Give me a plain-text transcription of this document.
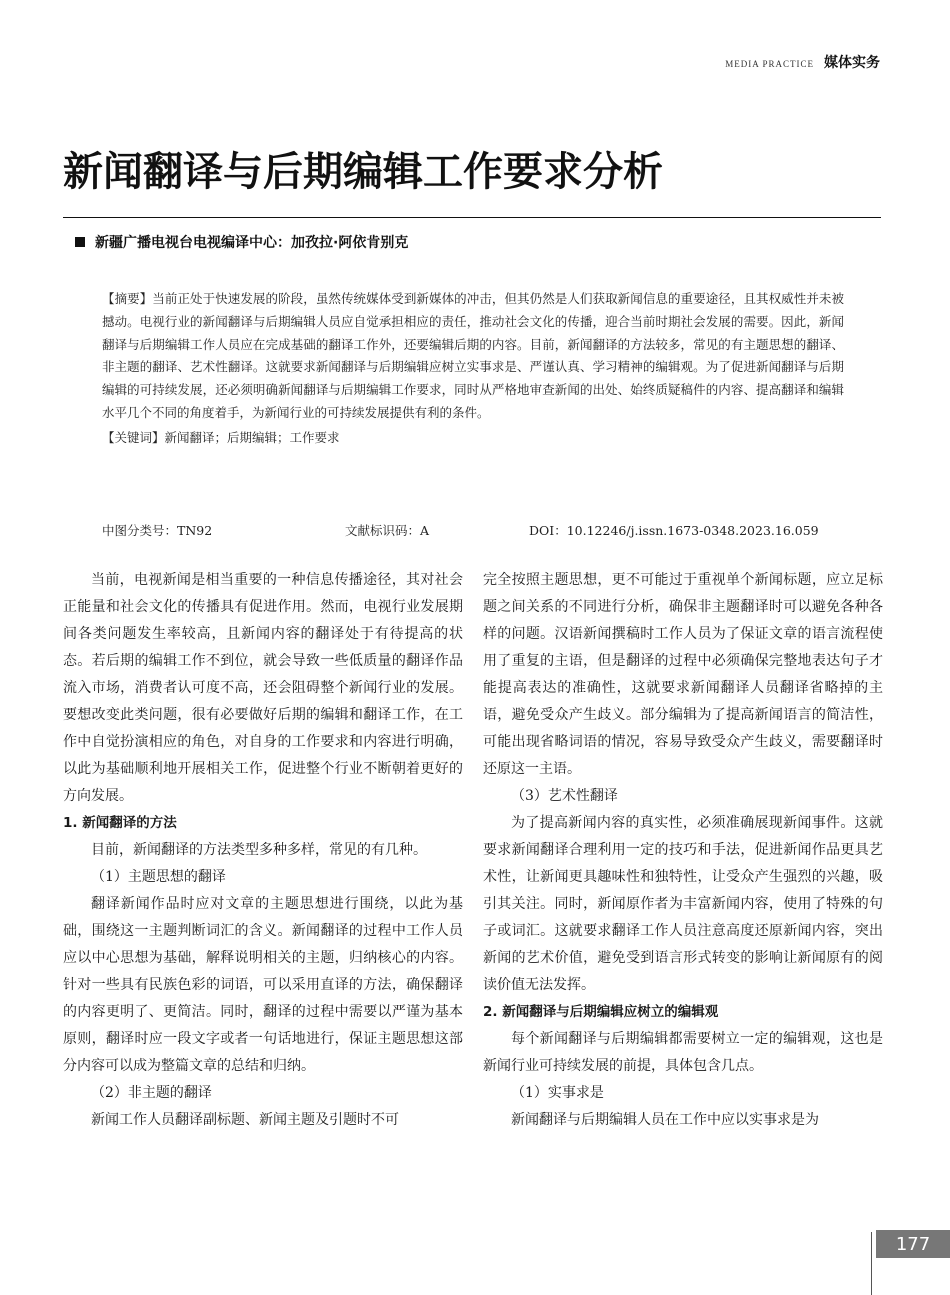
MEDIA PRACTICE 媒体实务
新闻翻译与后期编辑工作要求分析
新疆广播电视台电视编译中心：加孜拉·阿依肯别克

【摘要】当前正处于快速发展的阶段，虽然传统媒体受到新媒体的冲击，但其仍然是人们获取新闻信息的重要途径，且其权威性并未被撼动。电视行业的新闻翻译与后期编辑人员应自觉承担相应的责任，推动社会文化的传播，迎合当前时期社会发展的需要。因此，新闻翻译与后期编辑工作人员应在完成基础的翻译工作外，还要编辑后期的内容。目前，新闻翻译的方法较多，常见的有主题思想的翻译、非主题的翻译、艺术性翻译。这就要求新闻翻译与后期编辑应树立实事求是、严谨认真、学习精神的编辑观。为了促进新闻翻译与后期编辑的可持续发展，还必须明确新闻翻译与后期编辑工作要求，同时从严格地审查新闻的出处、始终质疑稿件的内容、提高翻译和编辑水平几个不同的角度着手，为新闻行业的可持续发展提供有利的条件。

【关键词】新闻翻译；后期编辑；工作要求

中图分类号：TN92	文献标识码：A	DOI：10.12246/j.issn.1673-0348.2023.16.059

当前，电视新闻是相当重要的一种信息传播途径，其对社会正能量和社会文化的传播具有促进作用。然而，电视行业发展期间各类问题发生率较高，且新闻内容的翻译处于有待提高的状态。若后期的编辑工作不到位，就会导致一些低质量的翻译作品流入市场，消费者认可度不高，还会阻碍整个新闻行业的发展。要想改变此类问题，很有必要做好后期的编辑和翻译工作，在工作中自觉扮演相应的角色，对自身的工作要求和内容进行明确，以此为基础顺利地开展相关工作，促进整个行业不断朝着更好的方向发展。

1. 新闻翻译的方法

目前，新闻翻译的方法类型多种多样，常见的有几种。

（1）主题思想的翻译

翻译新闻作品时应对文章的主题思想进行围绕，以此为基础，围绕这一主题判断词汇的含义。新闻翻译的过程中工作人员应以中心思想为基础，解释说明相关的主题，归纳核心的内容。针对一些具有民族色彩的词语，可以采用直译的方法，确保翻译的内容更明了、更简洁。同时，翻译的过程中需要以严谨为基本原则，翻译时应一段文字或者一句话地进行，保证主题思想这部分内容可以成为整篇文章的总结和归纳。

（2）非主题的翻译

新闻工作人员翻译副标题、新闻主题及引题时不可

完全按照主题思想，更不可能过于重视单个新闻标题，应立足标题之间关系的不同进行分析，确保非主题翻译时可以避免各种各样的问题。汉语新闻撰稿时工作人员为了保证文章的语言流程使用了重复的主语，但是翻译的过程中必须确保完整地表达句子才能提高表达的准确性，这就要求新闻翻译人员翻译省略掉的主语，避免受众产生歧义。部分编辑为了提高新闻语言的简洁性，可能出现省略词语的情况，容易导致受众产生歧义，需要翻译时还原这一主语。

（3）艺术性翻译

为了提高新闻内容的真实性，必须准确展现新闻事件。这就要求新闻翻译合理利用一定的技巧和手法，促进新闻作品更具艺术性，让新闻更具趣味性和独特性，让受众产生强烈的兴趣，吸引其关注。同时，新闻原作者为丰富新闻内容，使用了特殊的句子或词汇。这就要求翻译工作人员注意高度还原新闻内容，突出新闻的艺术价值，避免受到语言形式转变的影响让新闻原有的阅读价值无法发挥。

2. 新闻翻译与后期编辑应树立的编辑观

每个新闻翻译与后期编辑都需要树立一定的编辑观，这也是新闻行业可持续发展的前提，具体包含几点。

（1）实事求是

新闻翻译与后期编辑人员在工作中应以实事求是为

177
